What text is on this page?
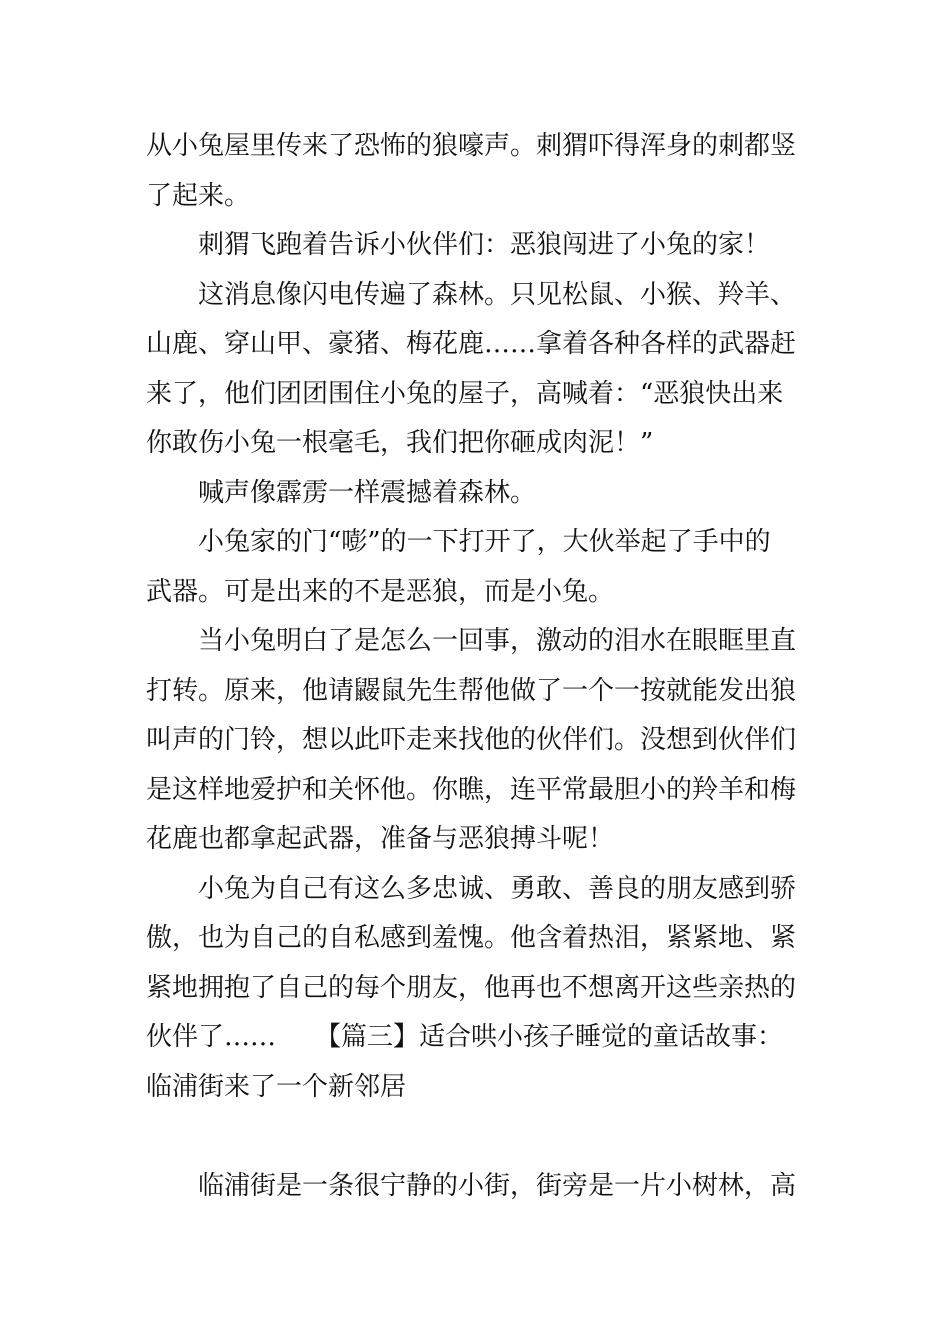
从小兔屋里传来了恐怖的狼嚎声。刺猬吓得浑身的刺都竖
了起来。
刺猬飞跑着告诉小伙伴们：恶狼闯进了小兔的家！
这消息像闪电传遍了森林。只见松鼠、小猴、羚羊、
山鹿、穿山甲、豪猪、梅花鹿……拿着各种各样的武器赶
来了，他们团团围住小兔的屋子，高喊着：“恶狼快出来
你敢伤小兔一根毫毛，我们把你砸成肉泥！”
喊声像霹雳一样震撼着森林。
小兔家的门“嘭”的一下打开了，大伙举起了手中的
武器。可是出来的不是恶狼，而是小兔。
当小兔明白了是怎么一回事，激动的泪水在眼眶里直
打转。原来，他请鼹鼠先生帮他做了一个一按就能发出狼
叫声的门铃，想以此吓走来找他的伙伴们。没想到伙伴们
是这样地爱护和关怀他。你瞧，连平常最胆小的羚羊和梅
花鹿也都拿起武器，准备与恶狼搏斗呢！
小兔为自己有这么多忠诚、勇敢、善良的朋友感到骄
傲，也为自己的自私感到羞愧。他含着热泪，紧紧地、紧
紧地拥抱了自己的每个朋友，他再也不想离开这些亲热的
伙伴了……　　【篇三】适合哄小孩子睡觉的童话故事：
临浦街来了一个新邻居
临浦街是一条很宁静的小街，街旁是一片小树林，高
